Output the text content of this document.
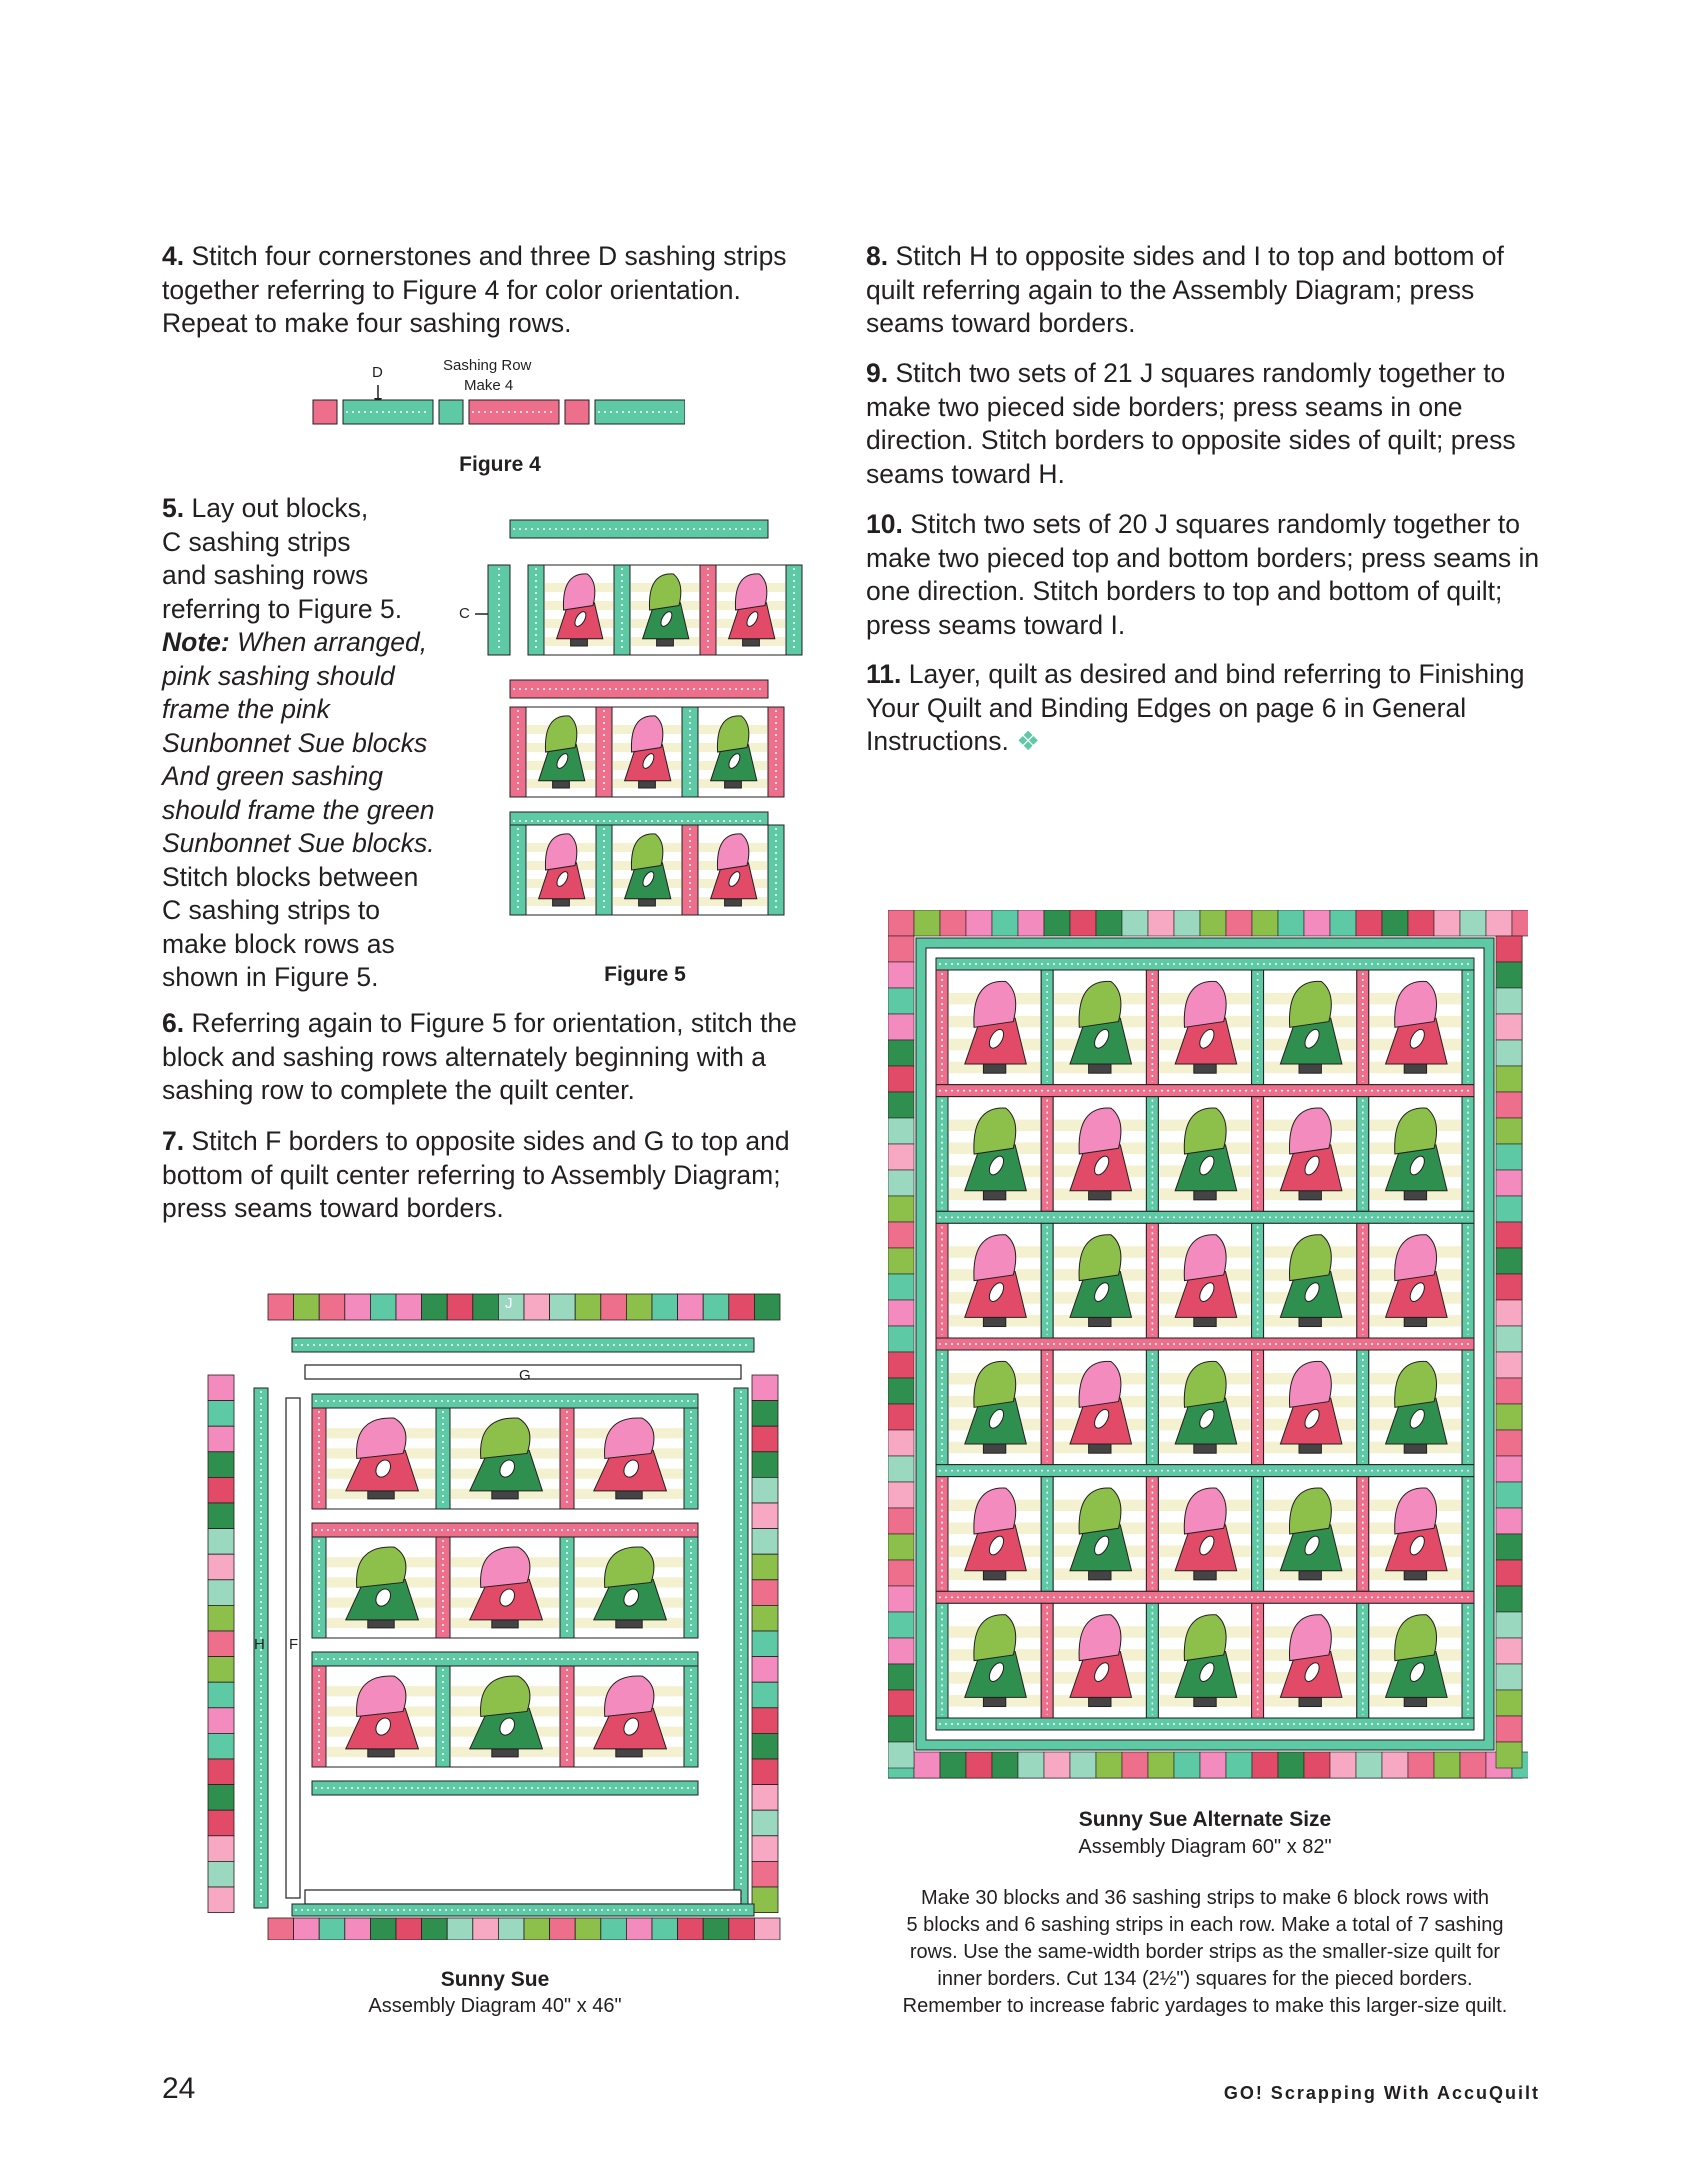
4. Stitch four cornerstones and three D sashing strips together referring to Figure 4 for color orientation. Repeat to make four sashing rows.
D	Sashing Row
Make 4
Figure 4
5. Lay out blocks,
C sashing strips
and sashing rows
referring to Figure 5.
Note: When arranged,
pink sashing should
frame the pink
Sunbonnet Sue blocks
And green sashing
should frame the green
Sunbonnet Sue blocks.
Stitch blocks between
C sashing strips to
make block rows as
shown in Figure 5.
C
Figure 5
6. Referring again to Figure 5 for orientation, stitch the block and sashing rows alternately beginning with a sashing row to complete the quilt center.
7. Stitch F borders to opposite sides and G to top and bottom of quilt center referring to Assembly Diagram; press seams toward borders.
J
G
H F
Sunny Sue
Assembly Diagram 40" x 46"
8. Stitch H to opposite sides and I to top and bottom of quilt referring again to the Assembly Diagram; press seams toward borders.
9. Stitch two sets of 21 J squares randomly together to make two pieced side borders; press seams in one direction. Stitch borders to opposite sides of quilt; press seams toward H.
10. Stitch two sets of 20 J squares randomly together to make two pieced top and bottom borders; press seams in one direction. Stitch borders to top and bottom of quilt; press seams toward I.
11. Layer, quilt as desired and bind referring to Finishing Your Quilt and Binding Edges on page 6 in General Instructions. ❖
Sunny Sue Alternate Size
Assembly Diagram 60" x 82"
Make 30 blocks and 36 sashing strips to make 6 block rows with
5 blocks and 6 sashing strips in each row. Make a total of 7 sashing
rows. Use the same-width border strips as the smaller-size quilt for
inner borders. Cut 134 (2½") squares for the pieced borders.
Remember to increase fabric yardages to make this larger-size quilt.
24	GO! Scrapping With AccuQuilt
